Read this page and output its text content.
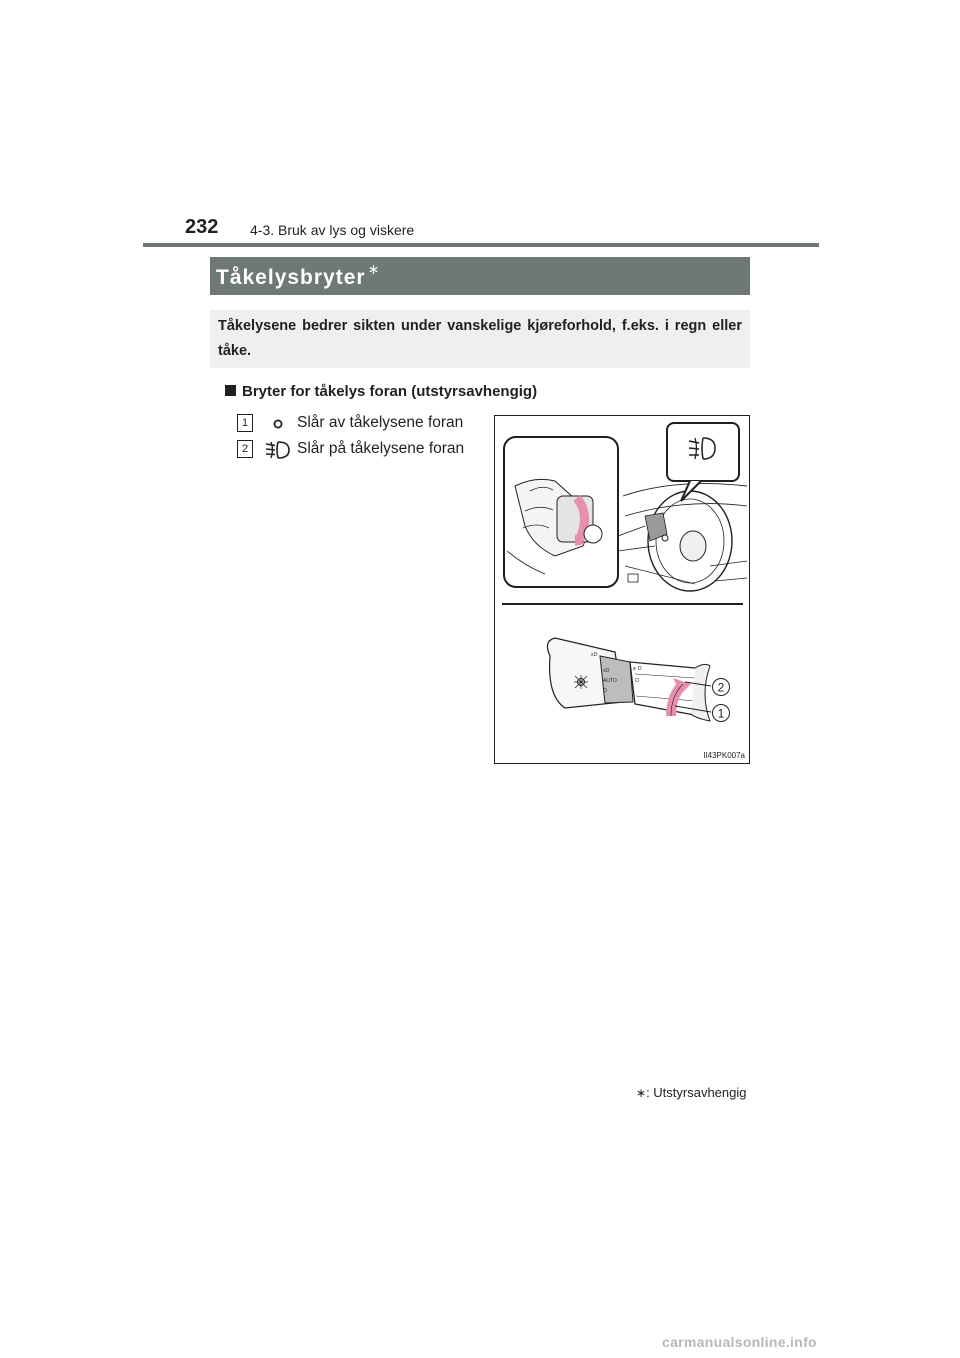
232 4-3. Bruk av lys og viskere
Tåkelysbryter ∗

Tåkelysene bedrer sikten under vanskelige kjøreforhold, f.eks. i regn eller tåke.

Bryter for tåkelys foran (utstyrsavhengig)
1	Slår av tåkelysene foran
2	Slår på tåkelysene foran
≡D
≡D
AUTO
O
≢D
O	2
1
II43PK007a
∗: Utstyrsavhengig
carmanualsonline.info
